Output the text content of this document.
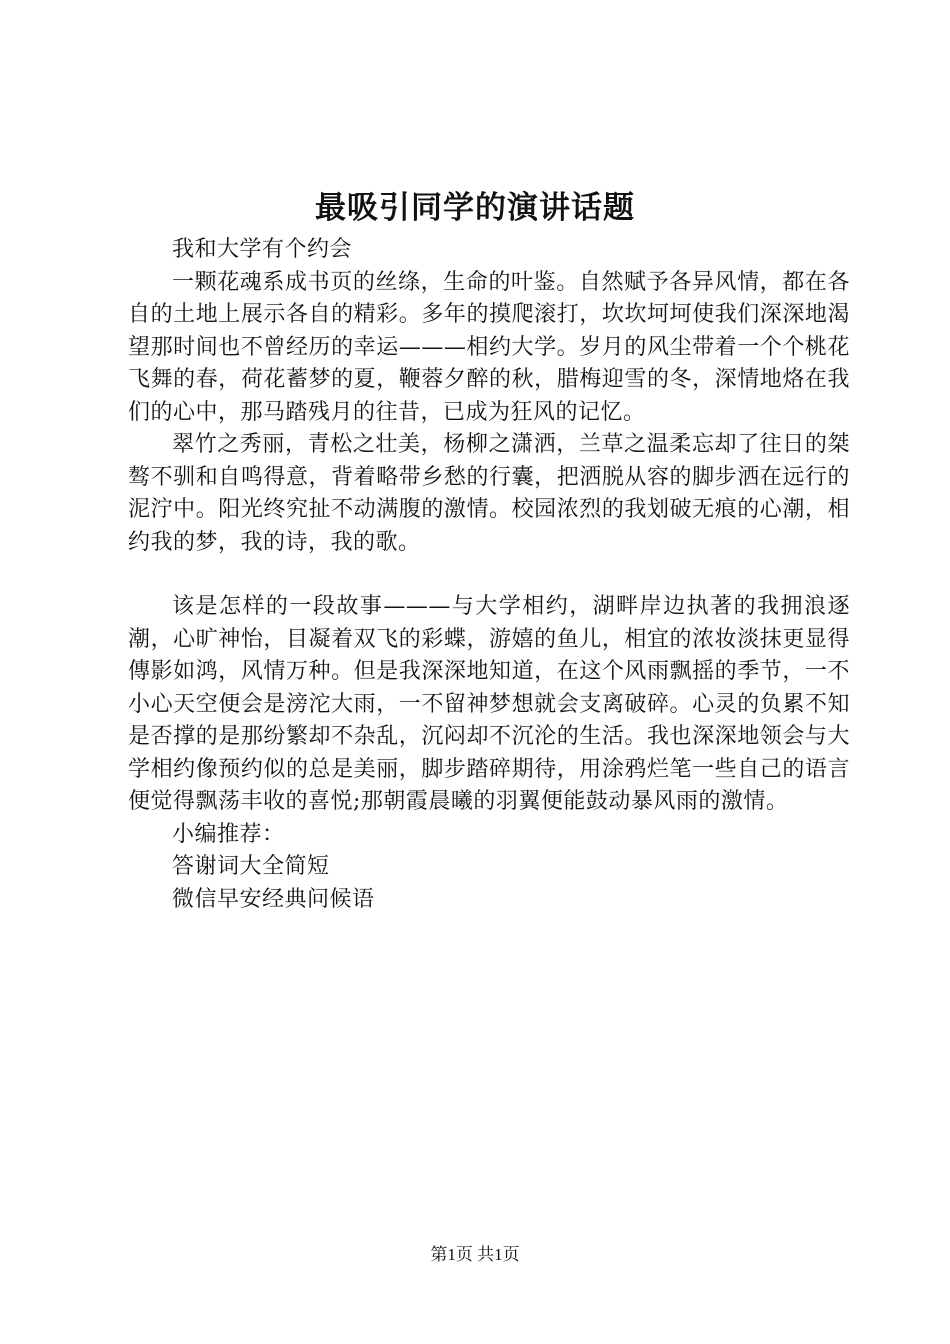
最吸引同学的演讲话题

我和大学有个约会

一颗花魂系成书页的丝绦，生命的叶鉴。自然赋予各异风情，都在各自的土地上展示各自的精彩。多年的摸爬滚打，坎坎坷坷使我们深深地渴望那时间也不曾经历的幸运———相约大学。岁月的风尘带着一个个桃花飞舞的春，荷花蓄梦的夏，鞭蓉夕醉的秋，腊梅迎雪的冬，深情地烙在我们的心中，那马踏残月的往昔，已成为狂风的记忆。

翠竹之秀丽，青松之壮美，杨柳之潇洒，兰草之温柔忘却了往日的桀骜不驯和自鸣得意，背着略带乡愁的行囊，把洒脱从容的脚步洒在远行的泥泞中。阳光终究扯不动满腹的激情。校园浓烈的我划破无痕的心潮，相约我的梦，我的诗，我的歌。

该是怎样的一段故事———与大学相约，湖畔岸边执著的我拥浪逐潮，心旷神怡，目凝着双飞的彩蝶，游嬉的鱼儿，相宜的浓妆淡抹更显得傳影如鸿，风情万种。但是我深深地知道，在这个风雨飘摇的季节，一不小心天空便会是滂沱大雨，一不留神梦想就会支离破碎。心灵的负累不知是否撑的是那纷繁却不杂乱，沉闷却不沉沦的生活。我也深深地领会与大学相约像预约似的总是美丽，脚步踏碎期待，用涂鸦烂笔一些自己的语言便觉得飘荡丰收的喜悦;那朝霞晨曦的羽翼便能鼓动暴风雨的激情。

小编推荐：

答谢词大全简短

微信早安经典问候语

第1页 共1页
